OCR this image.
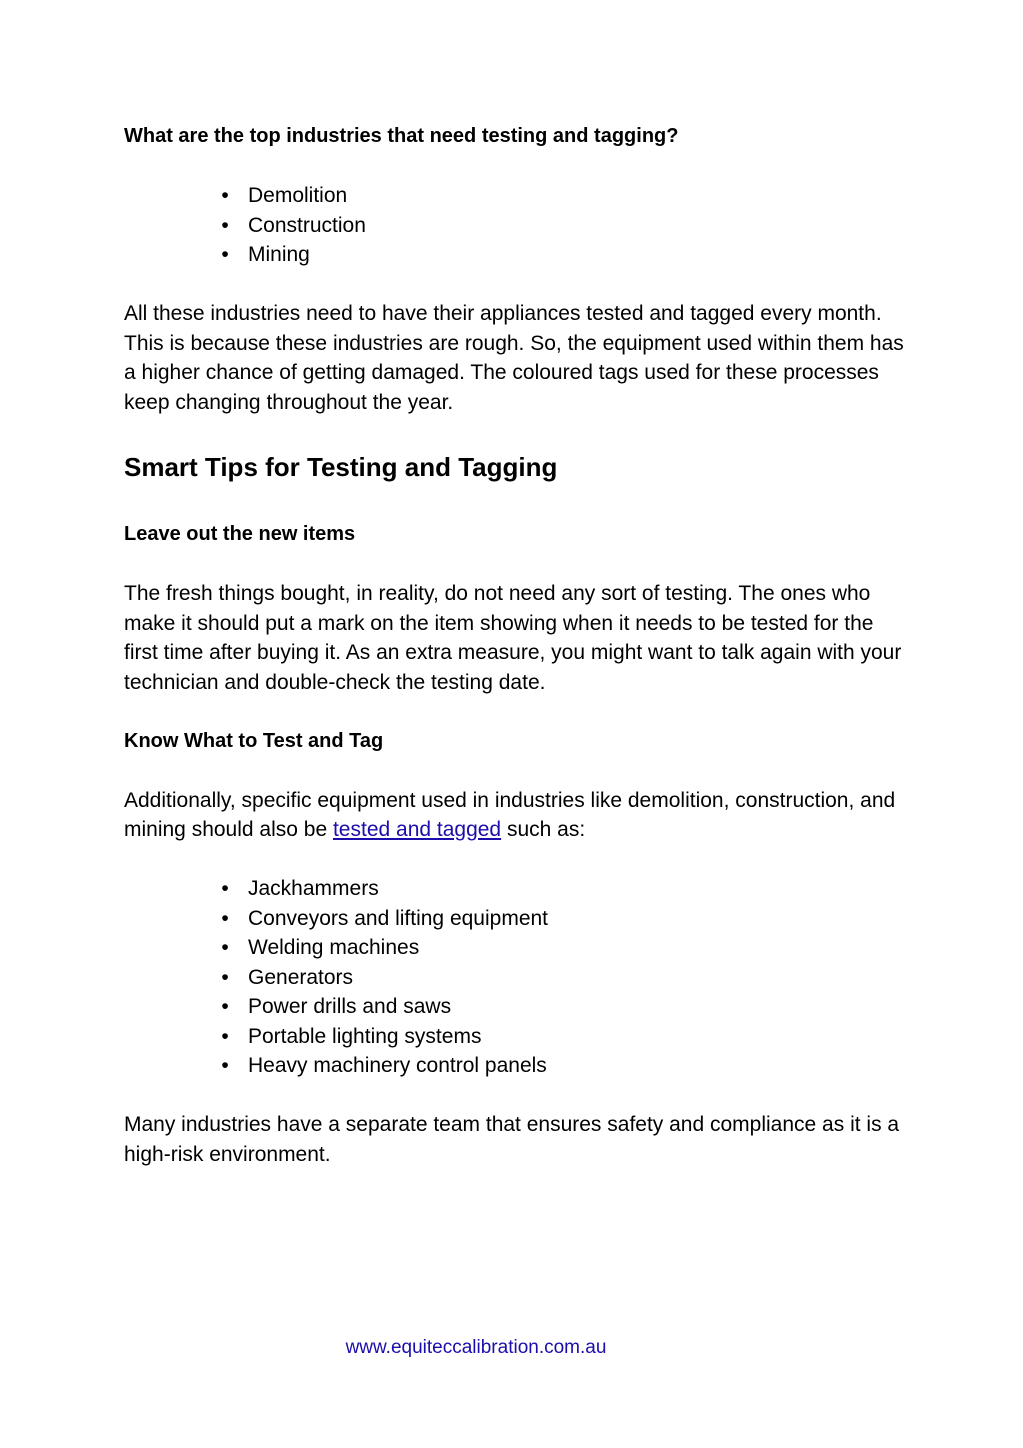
What are the top industries that need testing and tagging?
• Demolition
• Construction
• Mining

All these industries need to have their appliances tested and tagged every month. This is because these industries are rough. So, the equipment used within them has a higher chance of getting damaged. The coloured tags used for these processes keep changing throughout the year.

Smart Tips for Testing and Tagging
Leave out the new items

The fresh things bought, in reality, do not need any sort of testing. The ones who make it should put a mark on the item showing when it needs to be tested for the first time after buying it. As an extra measure, you might want to talk again with your technician and double-check the testing date.

Know What to Test and Tag

Additionally, specific equipment used in industries like demolition, construction, and mining should also be tested and tagged such as:

• Jackhammers
• Conveyors and lifting equipment
• Welding machines
• Generators
• Power drills and saws
• Portable lighting systems
• Heavy machinery control panels

Many industries have a separate team that ensures safety and compliance as it is a high-risk environment.

www.equiteccalibration.com.au
